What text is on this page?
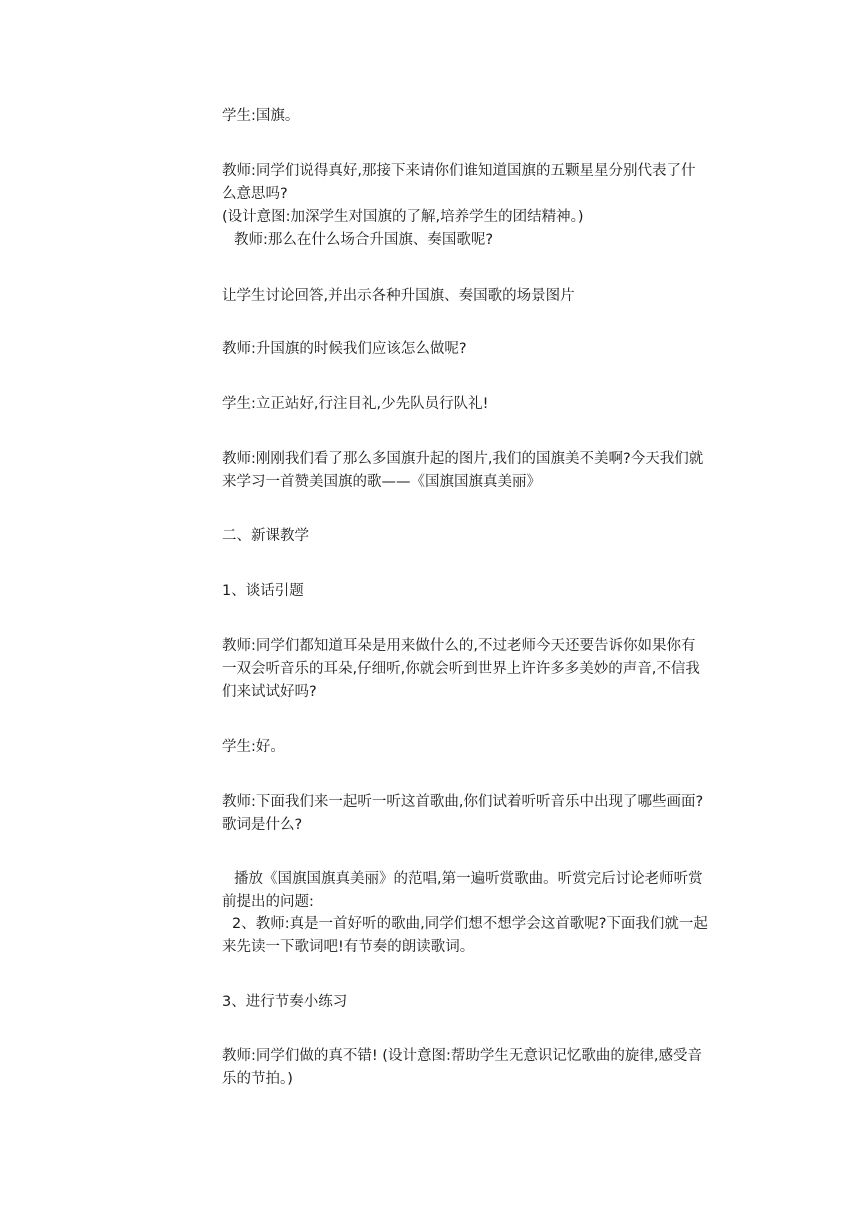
学生:国旗。
教师:同学们说得真好,那接下来请你们谁知道国旗的五颗星星分别代表了什
么意思吗?
(设计意图:加深学生对国旗的了解,培养学生的团结精神。)
教师:那么在什么场合升国旗、奏国歌呢?
让学生讨论回答,并出示各种升国旗、奏国歌的场景图片
教师:升国旗的时候我们应该怎么做呢?
学生:立正站好,行注目礼,少先队员行队礼!
教师:刚刚我们看了那么多国旗升起的图片,我们的国旗美不美啊?今天我们就
来学习一首赞美国旗的歌——《国旗国旗真美丽》
二、新课教学
1、谈话引题
教师:同学们都知道耳朵是用来做什么的,不过老师今天还要告诉你如果你有
一双会听音乐的耳朵,仔细听,你就会听到世界上许许多多美妙的声音,不信我
们来试试好吗?
学生:好。
教师:下面我们来一起听一听这首歌曲,你们试着听听音乐中出现了哪些画面?
歌词是什么?
播放《国旗国旗真美丽》的范唱,第一遍听赏歌曲。听赏完后讨论老师听赏
前提出的问题:
2、教师:真是一首好听的歌曲,同学们想不想学会这首歌呢?下面我们就一起
来先读一下歌词吧!有节奏的朗读歌词。
3、进行节奏小练习
教师:同学们做的真不错! (设计意图:帮助学生无意识记忆歌曲的旋律,感受音
乐的节拍。)
